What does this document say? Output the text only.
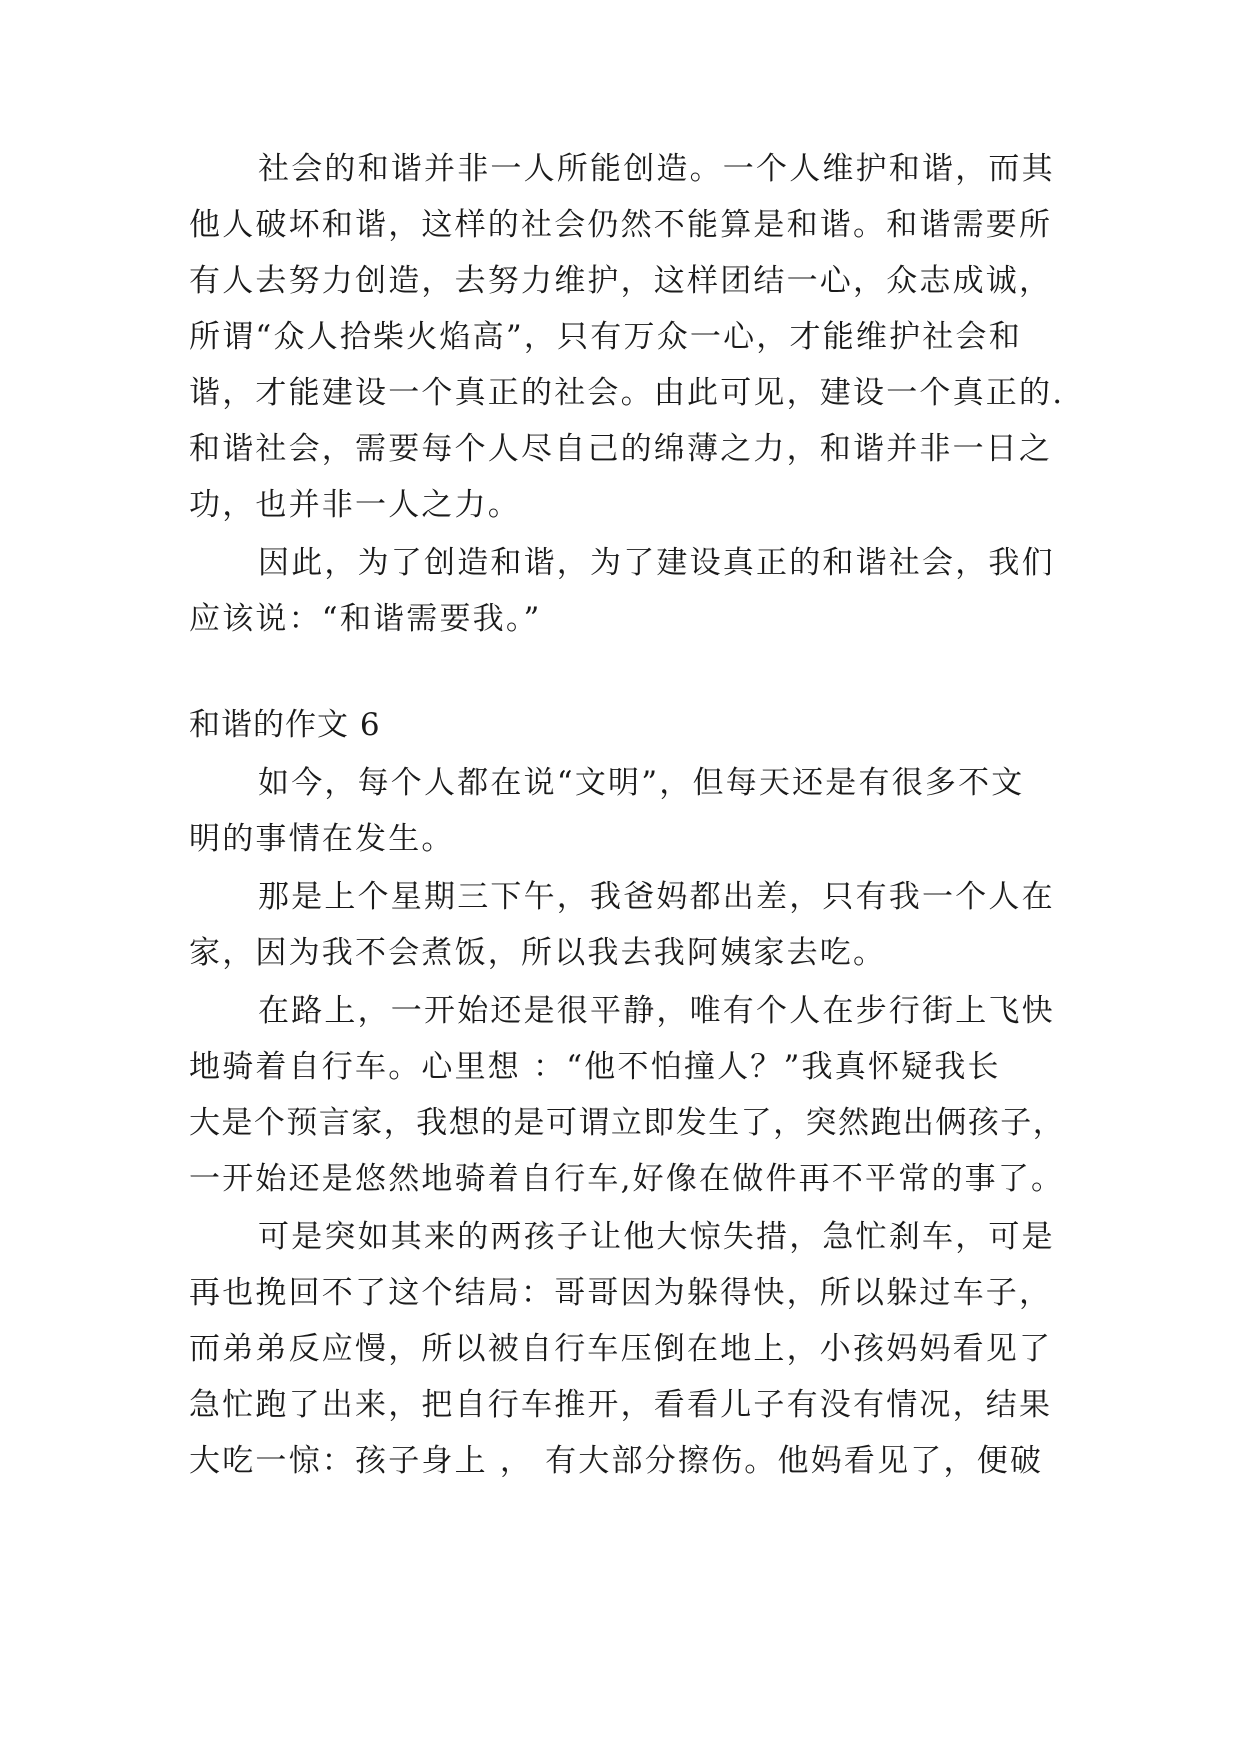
社会的和谐并非一人所能创造。一个人维护和谐，而其
他人破坏和谐，这样的社会仍然不能算是和谐。和谐需要所
有人去努力创造，去努力维护，这样团结一心，众志成诚，
所谓“众人拾柴火焰高”，只有万众一心，才能维护社会和
谐，才能建设一个真正的社会。由此可见，建设一个真正的.
和谐社会，需要每个人尽自己的绵薄之力，和谐并非一日之
功，也并非一人之力。
因此，为了创造和谐，为了建设真正的和谐社会，我们
应该说：“和谐需要我。”
和谐的作文 6
如今，每个人都在说“文明”，但每天还是有很多不文
明的事情在发生。
那是上个星期三下午，我爸妈都出差，只有我一个人在
家，因为我不会煮饭，所以我去我阿姨家去吃。
在路上，一开始还是很平静，唯有个人在步行街上飞快
地骑着自行车。心里想 ：“他不怕撞人？”我真怀疑我长
大是个预言家，我想的是可谓立即发生了，突然跑出俩孩子，
一开始还是悠然地骑着自行车,好像在做件再不平常的事了。
可是突如其来的两孩子让他大惊失措，急忙刹车，可是
再也挽回不了这个结局：哥哥因为躲得快，所以躲过车子，
而弟弟反应慢，所以被自行车压倒在地上，小孩妈妈看见了
急忙跑了出来，把自行车推开，看看儿子有没有情况，结果
大吃一惊：孩子身上 ， 有大部分擦伤。他妈看见了，便破
